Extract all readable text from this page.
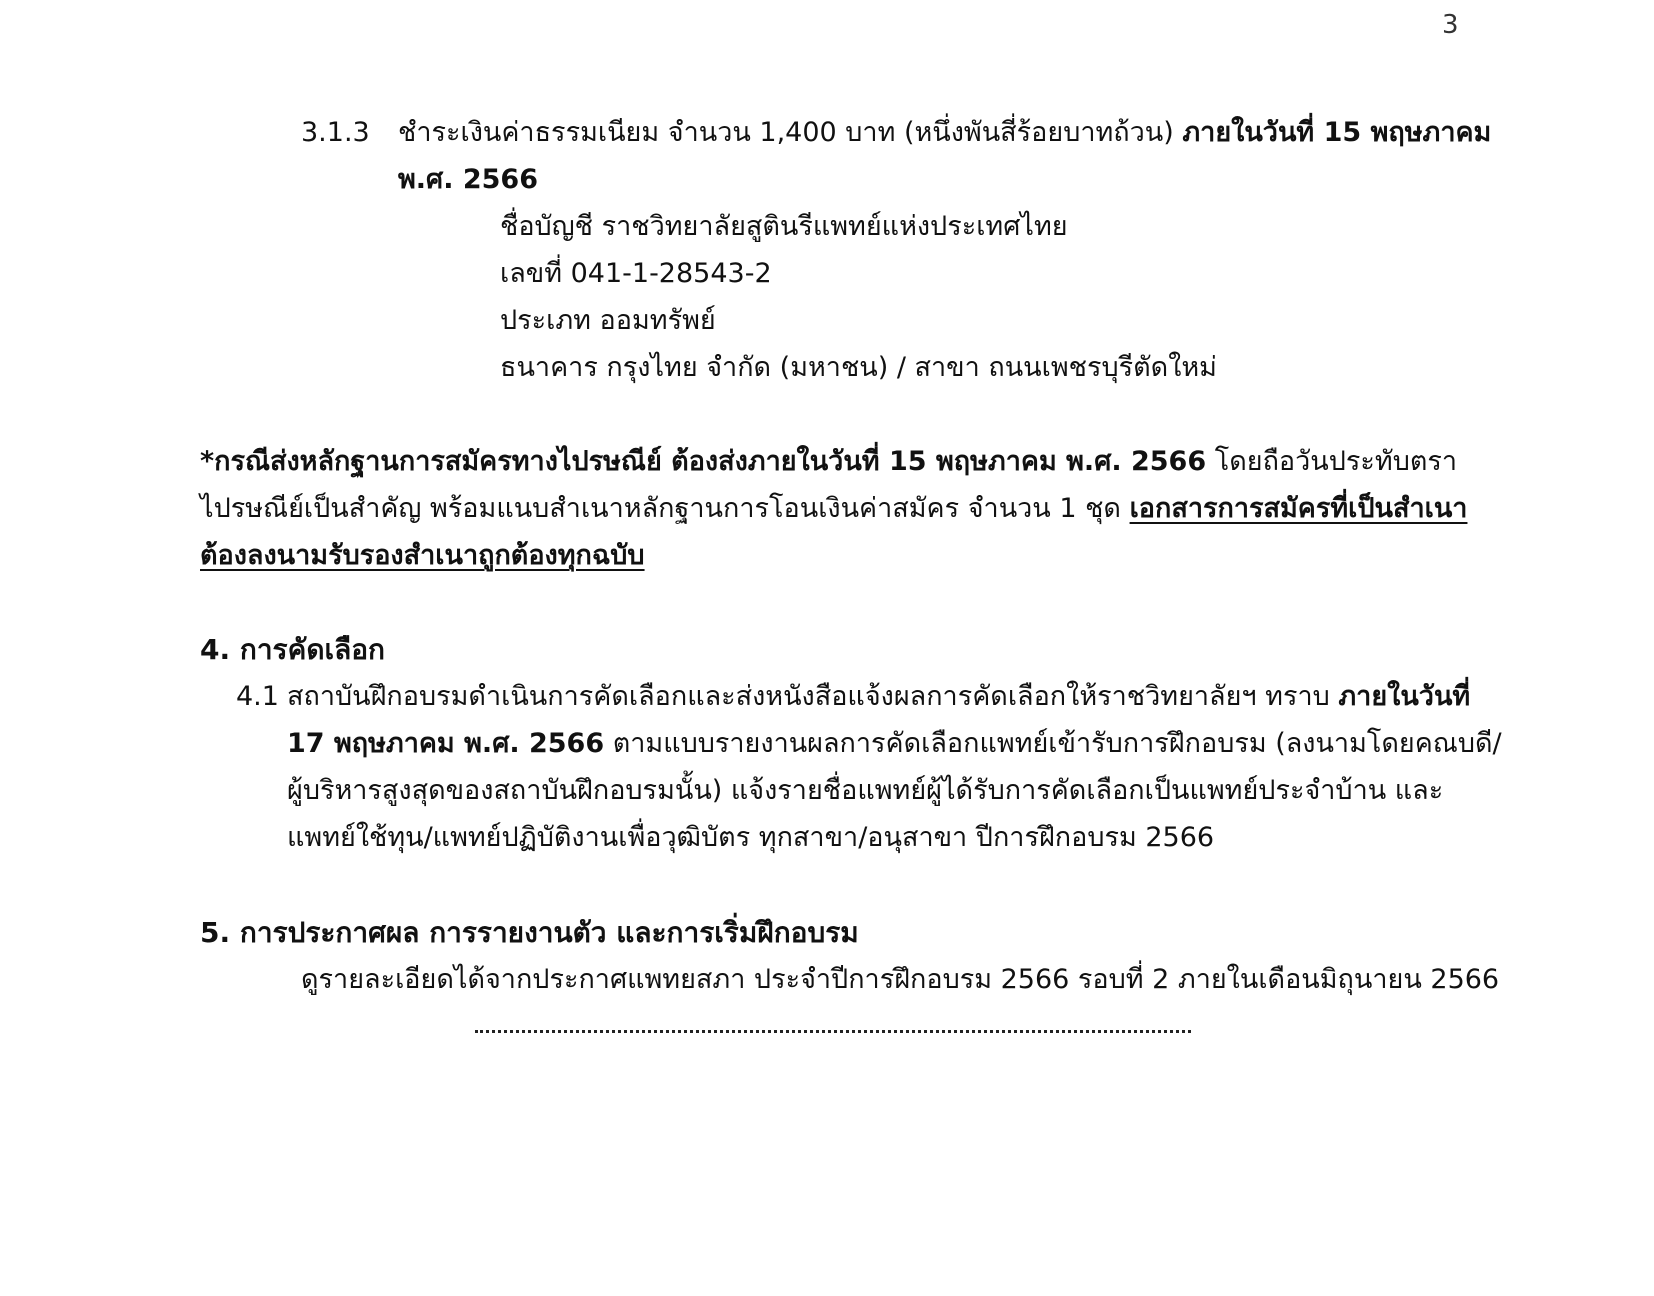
3
3.1.3 ชำระเงินค่าธรรมเนียม จำนวน 1,400 บาท (หนึ่งพันสี่ร้อยบาทถ้วน) ภายในวันที่ 15 พฤษภาคม
พ.ศ. 2566
ชื่อบัญชี ราชวิทยาลัยสูตินรีแพทย์แห่งประเทศไทย
เลขที่ 041-1-28543-2
ประเภท ออมทรัพย์
ธนาคาร กรุงไทย จำกัด (มหาชน) / สาขา ถนนเพชรบุรีตัดใหม่
*กรณีส่งหลักฐานการสมัครทางไปรษณีย์ ต้องส่งภายในวันที่ 15 พฤษภาคม พ.ศ. 2566 โดยถือวันประทับตรา
ไปรษณีย์เป็นสำคัญ พร้อมแนบสำเนาหลักฐานการโอนเงินค่าสมัคร จำนวน 1 ชุด เอกสารการสมัครที่เป็นสำเนา
ต้องลงนามรับรองสำเนาถูกต้องทุกฉบับ
4. การคัดเลือก
4.1 สถาบันฝึกอบรมดำเนินการคัดเลือกและส่งหนังสือแจ้งผลการคัดเลือกให้ราชวิทยาลัยฯ ทราบ ภายในวันที่
17 พฤษภาคม พ.ศ. 2566 ตามแบบรายงานผลการคัดเลือกแพทย์เข้ารับการฝึกอบรม (ลงนามโดยคณบดี/
ผู้บริหารสูงสุดของสถาบันฝึกอบรมนั้น) แจ้งรายชื่อแพทย์ผู้ได้รับการคัดเลือกเป็นแพทย์ประจำบ้าน และ
แพทย์ใช้ทุน/แพทย์ปฏิบัติงานเพื่อวุฒิบัตร ทุกสาขา/อนุสาขา ปีการฝึกอบรม 2566
5. การประกาศผล การรายงานตัว และการเริ่มฝึกอบรม
ดูรายละเอียดได้จากประกาศแพทยสภา ประจำปีการฝึกอบรม 2566 รอบที่ 2 ภายในเดือนมิถุนายน 2566
